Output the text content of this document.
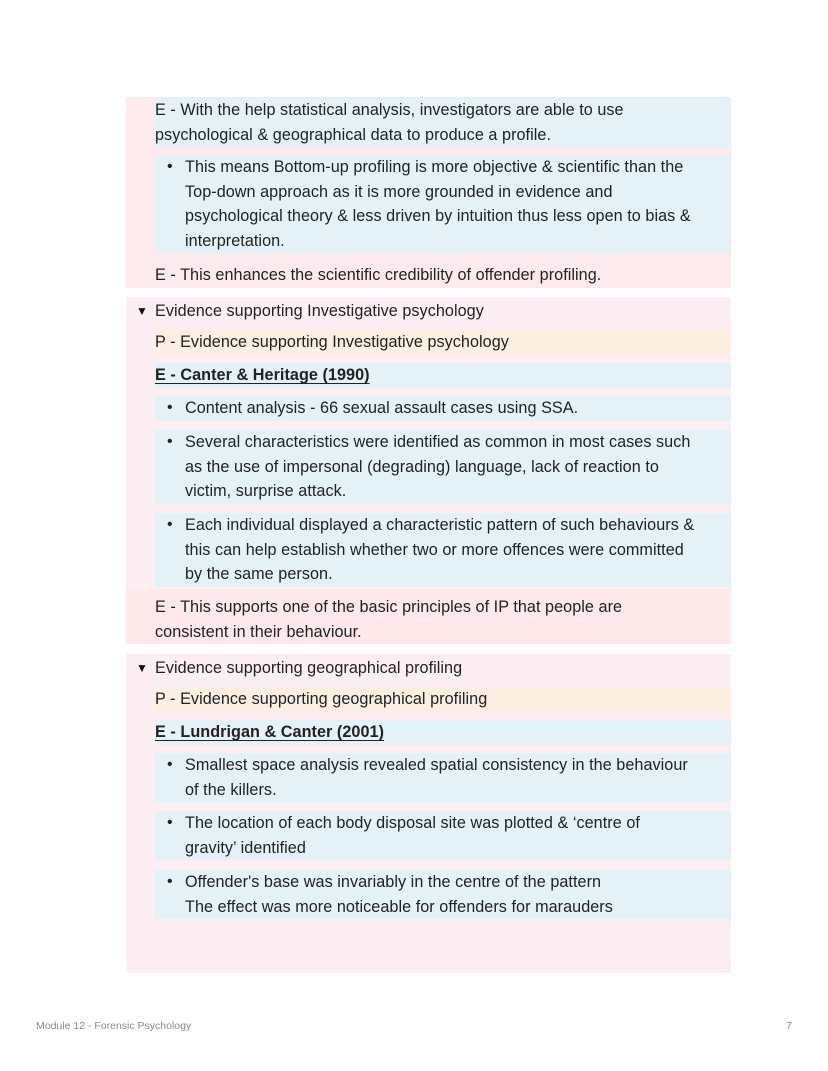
E - With the help statistical analysis, investigators are able to use
psychological & geographical data to produce a profile.
• This means Bottom-up profiling is more objective & scientific than the
Top-down approach as it is more grounded in evidence and
psychological theory & less driven by intuition thus less open to bias &
interpretation.
E - This enhances the scientific credibility of offender profiling.
▼ Evidence supporting Investigative psychology
P - Evidence supporting Investigative psychology
E - Canter & Heritage (1990)
• Content analysis - 66 sexual assault cases using SSA.
• Several characteristics were identified as common in most cases such
as the use of impersonal (degrading) language, lack of reaction to
victim, surprise attack.
• Each individual displayed a characteristic pattern of such behaviours &
this can help establish whether two or more offences were committed
by the same person.
E - This supports one of the basic principles of IP that people are
consistent in their behaviour.
▼ Evidence supporting geographical profiling
P - Evidence supporting geographical profiling
E - Lundrigan & Canter (2001)
• Smallest space analysis revealed spatial consistency in the behaviour
of the killers.
• The location of each body disposal site was plotted & ‘centre of
gravity’ identified
• Offender's base was invariably in the centre of the pattern
The effect was more noticeable for offenders for marauders
Module 12 - Forensic Psychology	7
